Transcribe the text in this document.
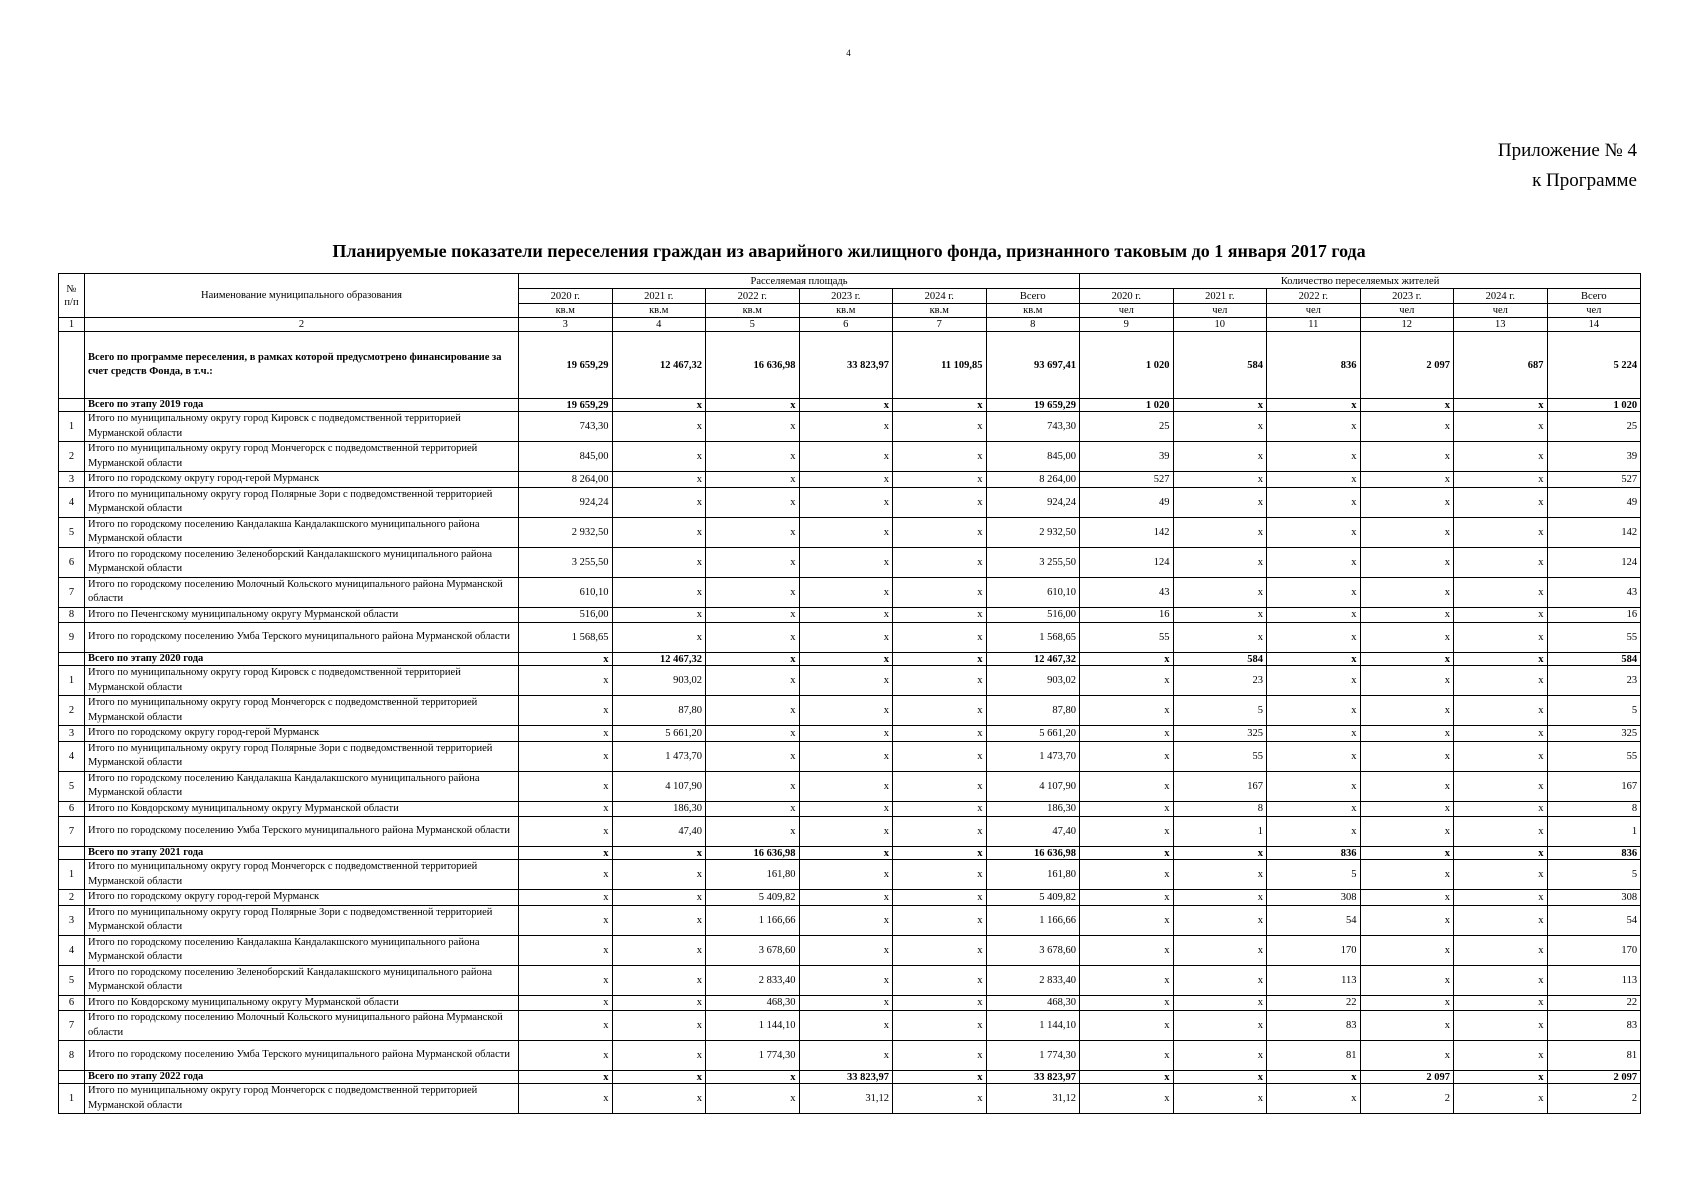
4
Приложение № 4
к Программе
Планируемые показатели переселения граждан из аварийного жилищного фонда, признанного таковым до 1 января 2017 года
№ п/п	Наименование муниципального образования	Расселяемая площадь						Количество переселяемых жителей					
		2020 г.	2021 г.	2022 г.	2023 г.	2024 г.	Всего	2020 г.	2021 г.	2022 г.	2023 г.	2024 г.	Всего
		кв.м	кв.м	кв.м	кв.м	кв.м	кв.м	чел	чел	чел	чел	чел	чел
1	2	3	4	5	6	7	8	9	10	11	12	13	14
	Всего по программе переселения, в рамках которой предусмотрено финансирование за счет средств Фонда, в т.ч.:	19 659,29	12 467,32	16 636,98	33 823,97	11 109,85	93 697,41	1 020	584	836	2 097	687	5 224
	Всего по этапу 2019 года	19 659,29	x	x	x	x	19 659,29	1 020	x	x	x	x	1 020
1	Итого по муниципальному округу город Кировск с подведомственной территорией Мурманской области	743,30	x	x	x	x	743,30	25	x	x	x	x	25
2	Итого по муниципальному округу город Мончегорск с подведомственной территорией Мурманской области	845,00	x	x	x	x	845,00	39	x	x	x	x	39
3	Итого по городскому округу город-герой Мурманск	8 264,00	x	x	x	x	8 264,00	527	x	x	x	x	527
4	Итого по муниципальному округу город Полярные Зори с подведомственной территорией Мурманской области	924,24	x	x	x	x	924,24	49	x	x	x	x	49
5	Итого по городскому поселению Кандалакша Кандалакшского муниципального района Мурманской области	2 932,50	x	x	x	x	2 932,50	142	x	x	x	x	142
6	Итого по городскому поселению Зеленоборский Кандалакшского муниципального района Мурманской области	3 255,50	x	x	x	x	3 255,50	124	x	x	x	x	124
7	Итого по городскому поселению Молочный Кольского муниципального района Мурманской области	610,10	x	x	x	x	610,10	43	x	x	x	x	43
8	Итого по Печенгскому муниципальному округу Мурманской области	516,00	x	x	x	x	516,00	16	x	x	x	x	16
9	Итого по городскому поселению Умба Терского муниципального района Мурманской области	1 568,65	x	x	x	x	1 568,65	55	x	x	x	x	55
	Всего по этапу 2020 года	x	12 467,32	x	x	x	12 467,32	x	584	x	x	x	584
1	Итого по муниципальному округу город Кировск с подведомственной территорией Мурманской области	x	903,02	x	x	x	903,02	x	23	x	x	x	23
2	Итого по муниципальному округу город Мончегорск с подведомственной территорией Мурманской области	x	87,80	x	x	x	87,80	x	5	x	x	x	5
3	Итого по городскому округу город-герой Мурманск	x	5 661,20	x	x	x	5 661,20	x	325	x	x	x	325
4	Итого по муниципальному округу город Полярные Зори с подведомственной территорией Мурманской области	x	1 473,70	x	x	x	1 473,70	x	55	x	x	x	55
5	Итого по городскому поселению Кандалакша Кандалакшского муниципального района Мурманской области	x	4 107,90	x	x	x	4 107,90	x	167	x	x	x	167
6	Итого по Ковдорскому муниципальному округу Мурманской области	x	186,30	x	x	x	186,30	x	8	x	x	x	8
7	Итого по городскому поселению Умба Терского муниципального района Мурманской области	x	47,40	x	x	x	47,40	x	1	x	x	x	1
	Всего по этапу 2021 года	x	x	16 636,98	x	x	16 636,98	x	x	836	x	x	836
1	Итого по муниципальному округу город Мончегорск с подведомственной территорией Мурманской области	x	x	161,80	x	x	161,80	x	x	5	x	x	5
2	Итого по городскому округу город-герой Мурманск	x	x	5 409,82	x	x	5 409,82	x	x	308	x	x	308
3	Итого по муниципальному округу город Полярные Зори с подведомственной территорией Мурманской области	x	x	1 166,66	x	x	1 166,66	x	x	54	x	x	54
4	Итого по городскому поселению Кандалакша Кандалакшского муниципального района Мурманской области	x	x	3 678,60	x	x	3 678,60	x	x	170	x	x	170
5	Итого по городскому поселению Зеленоборский Кандалакшского муниципального района Мурманской области	x	x	2 833,40	x	x	2 833,40	x	x	113	x	x	113
6	Итого по Ковдорскому муниципальному округу Мурманской области	x	x	468,30	x	x	468,30	x	x	22	x	x	22
7	Итого по городскому поселению Молочный Кольского муниципального района Мурманской области	x	x	1 144,10	x	x	1 144,10	x	x	83	x	x	83
8	Итого по городскому поселению Умба Терского муниципального района Мурманской области	x	x	1 774,30	x	x	1 774,30	x	x	81	x	x	81
	Всего по этапу 2022 года	x	x	x	33 823,97	x	33 823,97	x	x	x	2 097	x	2 097
1	Итого по муниципальному округу город Мончегорск с подведомственной территорией Мурманской области	x	x	x	31,12	x	31,12	x	x	x	2	x	2
